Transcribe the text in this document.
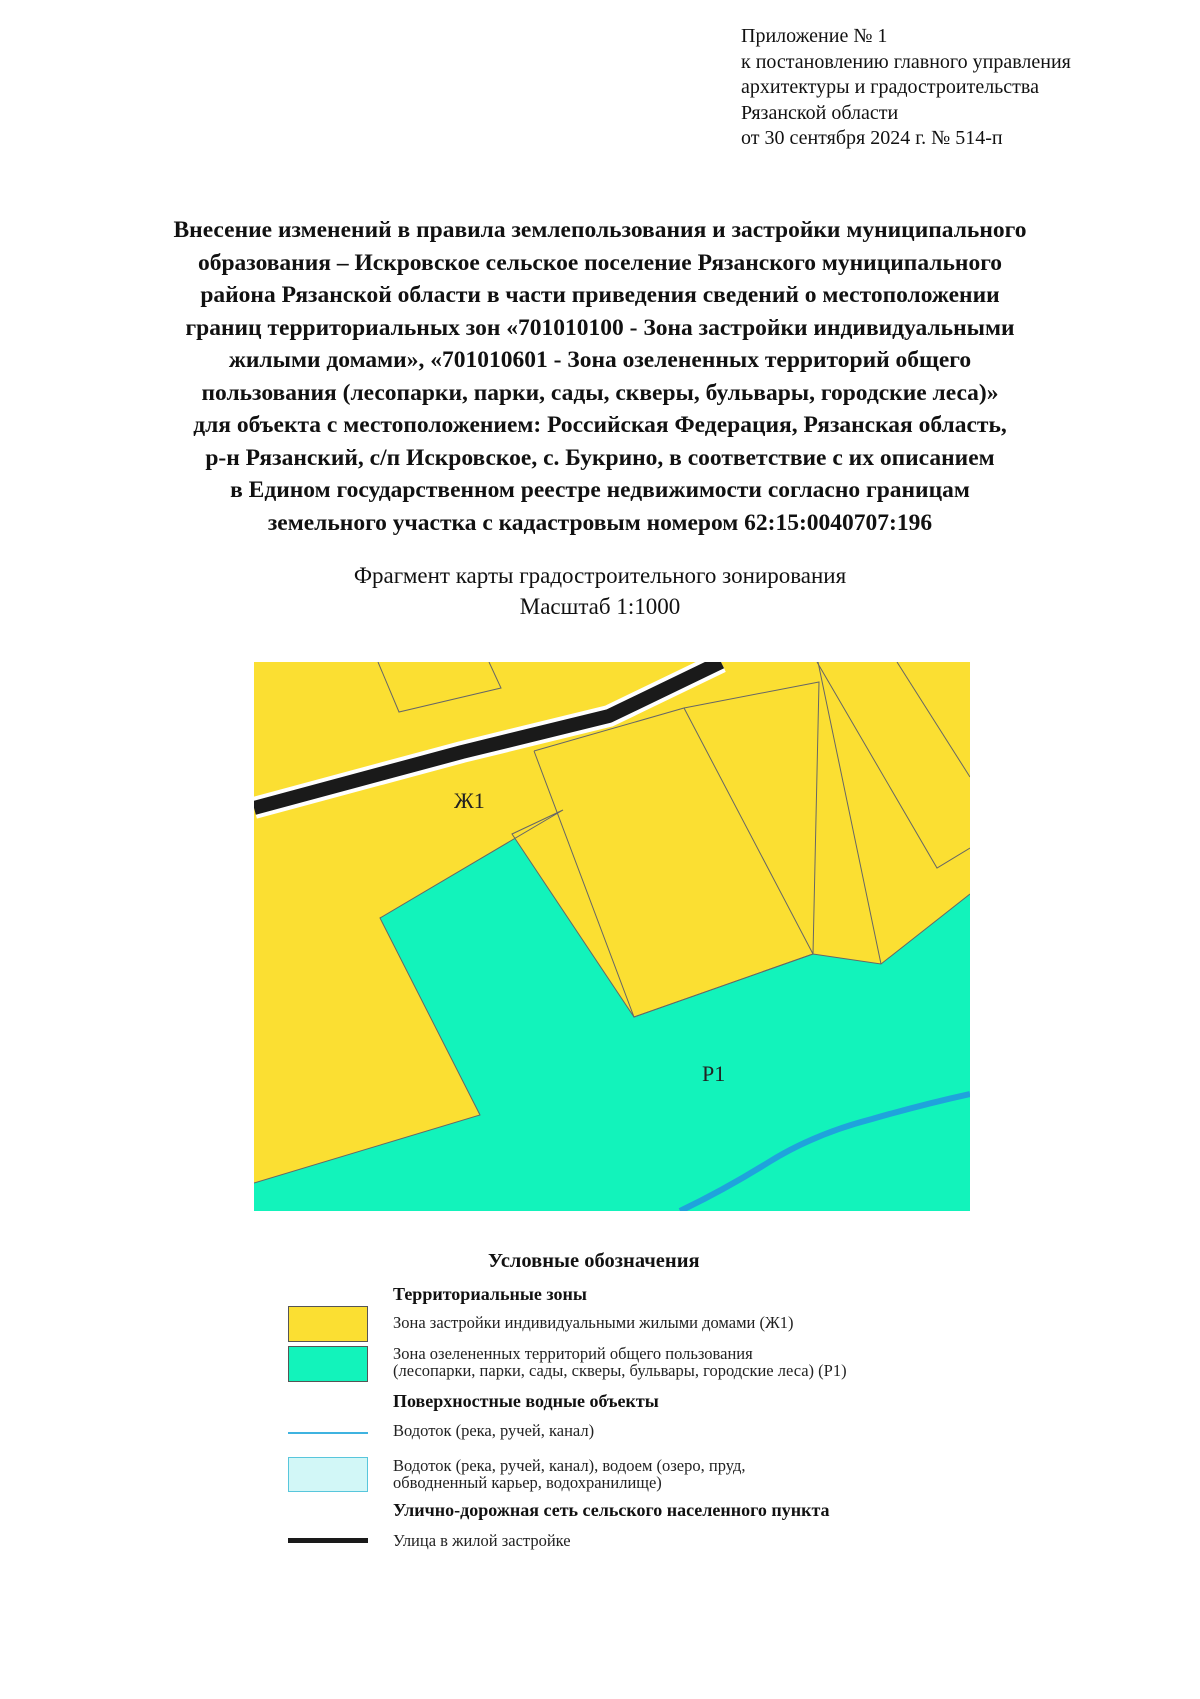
Приложение № 1
к постановлению главного управления
архитектуры и градостроительства
Рязанской области
от 30 сентября 2024 г. № 514-п
Внесение изменений в правила землепользования и застройки муниципального
образования – Искровское сельское поселение Рязанского муниципального
района Рязанской области в части приведения сведений о местоположении
границ территориальных зон «701010100 - Зона застройки индивидуальными
жилыми домами», «701010601 - Зона озелененных территорий общего
пользования (лесопарки, парки, сады, скверы, бульвары, городские леса)»
для объекта с местоположением: Российская Федерация, Рязанская область,
р-н Рязанский, с/п Искровское, с. Букрино, в соответствие с их описанием
в Едином государственном реестре недвижимости согласно границам
земельного участка с кадастровым номером 62:15:0040707:196
Фрагмент карты градостроительного зонирования
Масштаб 1:1000
Ж1
Р1
Условные обозначения
Территориальные зоны
Зона застройки индивидуальными жилыми домами (Ж1)
Зона озелененных территорий общего пользования
(лесопарки, парки, сады, скверы, бульвары, городские леса) (Р1)
Поверхностные водные объекты
Водоток (река, ручей, канал)
Водоток (река, ручей, канал), водоем (озеро, пруд,
обводненный карьер, водохранилище)
Улично-дорожная сеть сельского населенного пункта
Улица в жилой застройке
